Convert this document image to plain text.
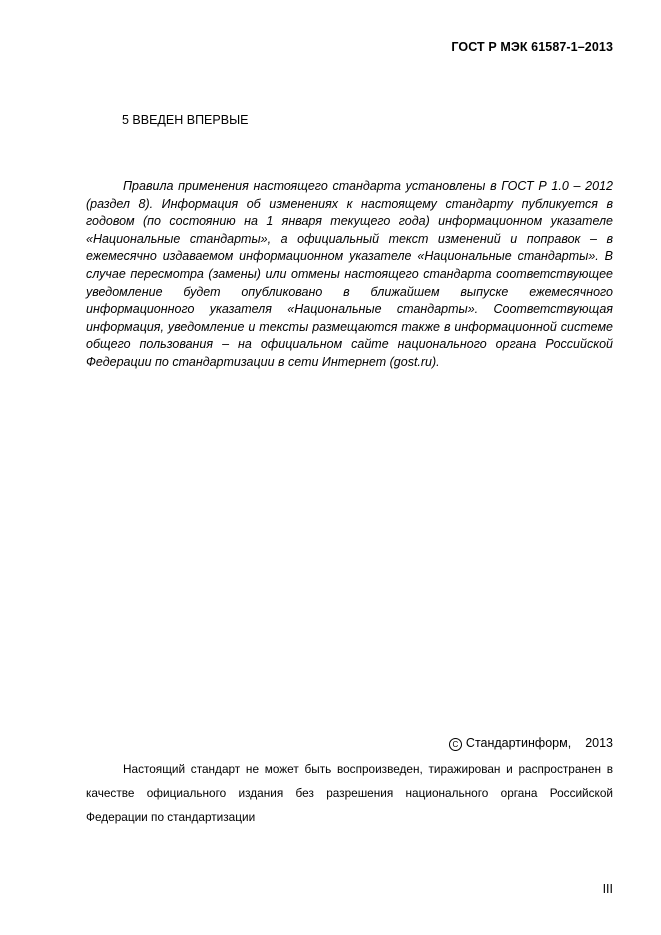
ГОСТ Р МЭК 61587-1–2013
5 ВВЕДЕН ВПЕРВЫЕ
Правила применения настоящего стандарта установлены в ГОСТ Р 1.0 – 2012 (раздел 8). Информация об изменениях к настоящему стандарту публикуется в годовом (по состоянию на 1 января текущего года) информационном указателе «Национальные стандарты», а официальный текст изменений и поправок – в ежемесячно издаваемом информационном указателе «Национальные стандарты». В случае пересмотра (замены) или отмены настоящего стандарта соответствующее уведомление будет опубликовано в ближайшем выпуске ежемесячного информационного указателя «Национальные стандарты». Соответствующая информация, уведомление и тексты размещаются также в информационной системе общего пользования – на официальном сайте национального органа Российской Федерации по стандартизации в сети Интернет (gost.ru).
C Стандартинформ, 2013
Настоящий стандарт не может быть воспроизведен, тиражирован и распространен в качестве официального издания без разрешения национального органа Российской Федерации по стандартизации
III
